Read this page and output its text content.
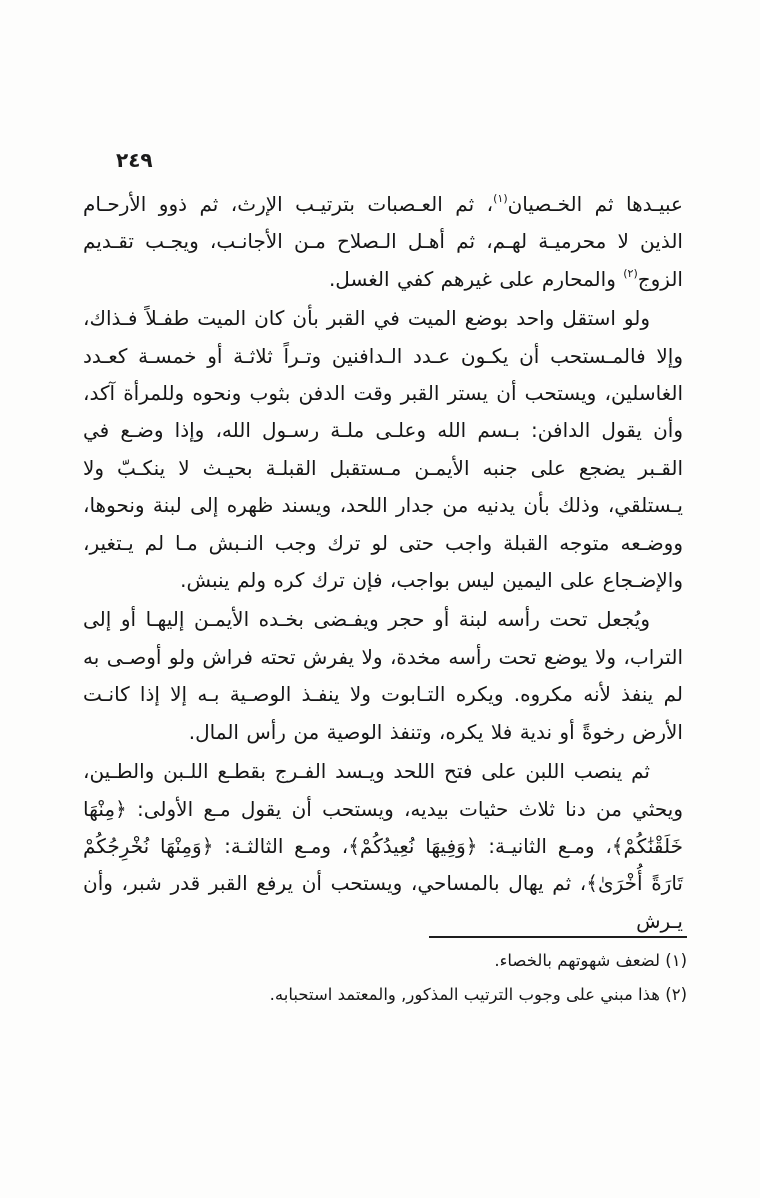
٢٤٩

عبيـدها ثم الخـصيان$^{(١)}$، ثم العـصبات بترتيـب الإرث، ثم ذوو الأرحـام الذين لا محرميـة لهـم، ثم أهـل الـصلاح مـن الأجانـب، ويجـب تقـديم الزوج$^{(٢)}$ والمحارم على غيرهم كفي الغسل.

ولو استقل واحد بوضع الميت في القبر بأن كان الميت طفـلاً فـذاك، وإلا فالمـستحب أن يكـون عـدد الـدافنين وتـراً ثلاثـة أو خمسـة كعـدد الغاسلين، ويستحب أن يستر القبر وقت الدفن بثوب ونحوه وللمرأة آكد، وأن يقول الدافن: بـسم الله وعلـى ملـة رسـول الله، وإذا وضـع في القـبر يضجع على جنبه الأيمـن مـستقبل القبلـة بحيـث لا ينكـبّ ولا يـستلقي، وذلك بأن يدنيه من جدار اللحد، ويسند ظهره إلى لبنة ونحوها، ووضـعه متوجه القبلة واجب حتى لو ترك وجب النـبش مـا لم يـتغير، والإضـجاع على اليمين ليس بواجب، فإن ترك كره ولم ينبش.

ويُجعل تحت رأسه لبنة أو حجر ويفـضى بخـده الأيمـن إليهـا أو إلى التراب، ولا يوضع تحت رأسه مخدة، ولا يفرش تحته فراش ولو أوصـى به لم ينفذ لأنه مكروه. ويكره التـابوت ولا ينفـذ الوصـية بـه إلا إذا كانـت الأرض رخوةً أو ندية فلا يكره، وتنفذ الوصية من رأس المال.

ثم ينصب اللبن على فتح اللحد ويـسد الفـرج بقطـع اللـبن والطـين، ويحثي من دنا ثلاث حثيات بيديه، ويستحب أن يقول مـع الأولى: ﴿مِنْهَا خَلَقْنَٰكُمْ﴾، ومـع الثانيـة: ﴿وَفِيهَا نُعِيدُكُمْ﴾، ومـع الثالثـة: ﴿وَمِنْهَا نُخْرِجُكُمْ تَارَةً أُخْرَىٰ﴾، ثم يهال بالمساحي، ويستحب أن يرفع القبر قدر شبر، وأن يـرش

(١) لضعف شهوتهم بالخصاء.

(٢) هذا مبني على وجوب الترتيب المذكور, والمعتمد استحبابه.
